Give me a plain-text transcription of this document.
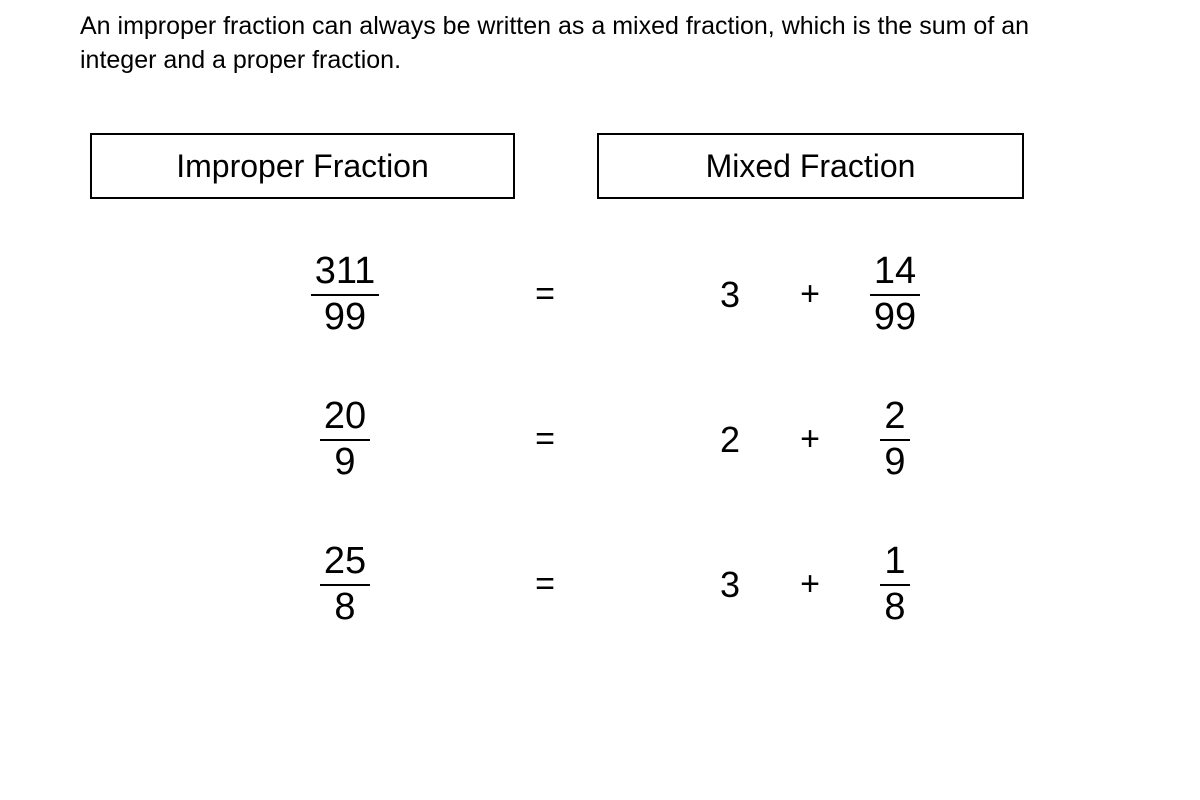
An improper fraction can always be written as a mixed fraction, which is the sum of an integer and a proper fraction.
Improper Fraction	Mixed Fraction
$\frac{311}{99}$	=	3	+	$\frac{14}{99}$
$\frac{20}{9}$	=	2	+	$\frac{2}{9}$
$\frac{25}{8}$	=	3	+	$\frac{1}{8}$
